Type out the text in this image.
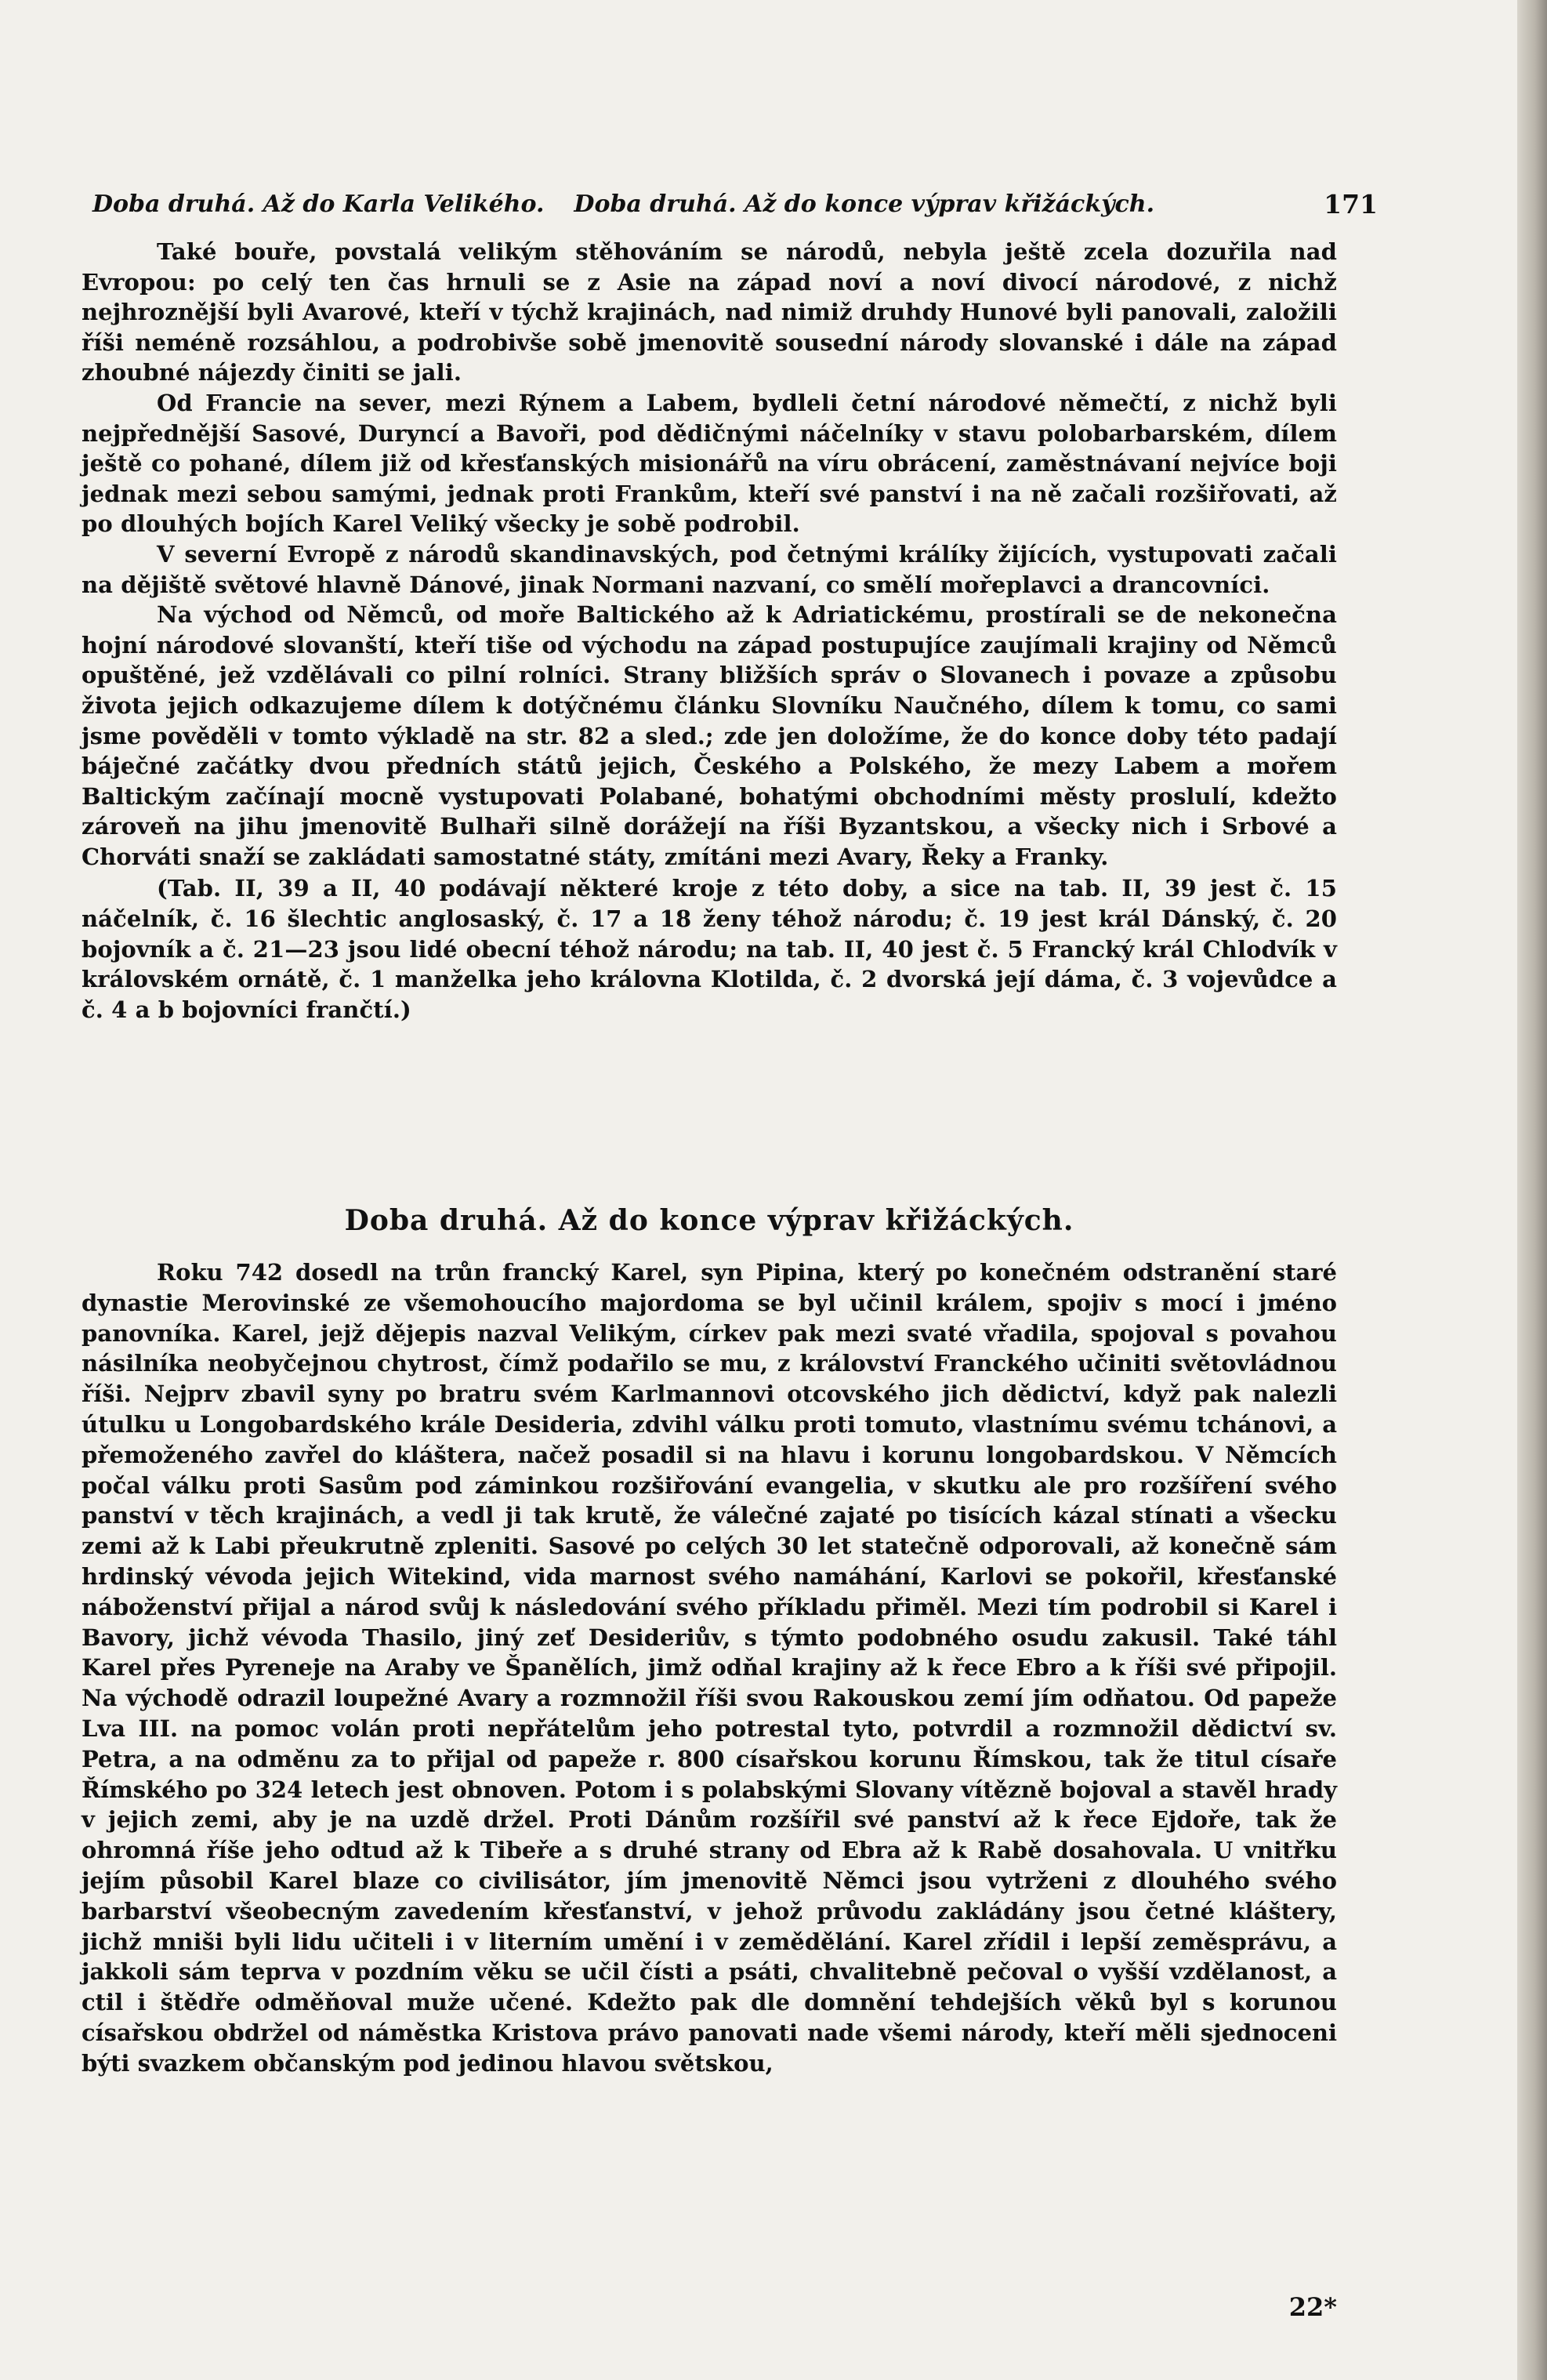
Doba druhá. Až do Karla Velikého. Doba druhá. Až do konce výprav křižáckých.	171

Také bouře, povstalá velikým stěhováním se národů, nebyla ještě zcela dozuřila nad Evropou: po celý ten čas hrnuli se z Asie na západ noví a noví divocí národové, z nichž nejhroznější byli Avarové, kteří v týchž krajinách, nad nimiž druhdy Hunové byli panovali, založili říši neméně rozsáhlou, a podrobivše sobě jmenovitě sousední národy slovanské i dále na západ zhoubné nájezdy činiti se jali.

Od Francie na sever, mezi Rýnem a Labem, bydleli četní národové němečtí, z nichž byli nejpřednější Sasové, Duryncí a Bavoři, pod dědičnými náčelníky v stavu polobarbarském, dílem ještě co pohané, dílem již od křesťanských misionářů na víru obrácení, zaměstnávaní nejvíce boji jednak mezi sebou samými, jednak proti Frankům, kteří své panství i na ně začali rozšiřovati, až po dlouhých bojích Karel Veliký všecky je sobě podrobil.

V severní Evropě z národů skandinavských, pod četnými králíky žijících, vystupovati začali na dějiště světové hlavně Dánové, jinak Normani nazvaní, co smělí mořeplavci a drancovníci.

Na východ od Němců, od moře Baltického až k Adriatickému, prostírali se de nekonečna hojní národové slovanští, kteří tiše od východu na západ postupujíce zaujímali krajiny od Němců opuštěné, jež vzdělávali co pilní rolníci. Strany bližších správ o Slovanech i povaze a způsobu života jejich odkazujeme dílem k dotýčnému článku Slovníku Naučného, dílem k tomu, co sami jsme pověděli v tomto výkladě na str. 82 a sled.; zde jen doložíme, že do konce doby této padají báječné začátky dvou předních států jejich, Českého a Polského, že mezy Labem a mořem Baltickým začínají mocně vystupovati Polabané, bohatými obchodními městy proslulí, kdežto zároveň na jihu jmenovitě Bulhaři silně dorážejí na říši Byzantskou, a všecky nich i Srbové a Chorváti snaží se zakládati samostatné státy, zmítáni mezi Avary, Řeky a Franky.

(Tab. II, 39 a II, 40 podávají některé kroje z této doby, a sice na tab. II, 39 jest č. 15 náčelník, č. 16 šlechtic anglosaský, č. 17 a 18 ženy téhož národu; č. 19 jest král Dánský, č. 20 bojovník a č. 21—23 jsou lidé obecní téhož národu; na tab. II, 40 jest č. 5 Francký král Chlodvík v královském ornátě, č. 1 manželka jeho královna Klotilda, č. 2 dvorská její dáma, č. 3 vojevůdce a č. 4 a b bojovníci frančtí.)

Doba druhá. Až do konce výprav křižáckých.

Roku 742 dosedl na trůn francký Karel, syn Pipina, který po konečném odstranění staré dynastie Merovinské ze všemohoucího majordoma se byl učinil králem, spojiv s mocí i jméno panovníka. Karel, jejž dějepis nazval Velikým, církev pak mezi svaté vřadila, spojoval s povahou násilníka neobyčejnou chytrost, čímž podařilo se mu, z království Franckého učiniti světovládnou říši. Nejprv zbavil syny po bratru svém Karlmannovi otcovského jich dědictví, když pak nalezli útulku u Longobardského krále Desideria, zdvihl válku proti tomuto, vlastnímu svému tchánovi, a přemoženého zavřel do kláštera, načež posadil si na hlavu i korunu longobardskou. V Němcích počal válku proti Sasům pod záminkou rozšiřování evangelia, v skutku ale pro rozšíření svého panství v těch krajinách, a vedl ji tak krutě, že válečné zajaté po tisících kázal stínati a všecku zemi až k Labi přeukrutně zpleniti. Sasové po celých 30 let statečně odporovali, až konečně sám hrdinský vévoda jejich Witekind, vida marnost svého namáhání, Karlovi se pokořil, křesťanské náboženství přijal a národ svůj k následování svého příkladu přiměl. Mezi tím podrobil si Karel i Bavory, jichž vévoda Thasilo, jiný zeť Desideriův, s týmto podobného osudu zakusil. Také táhl Karel přes Pyreneje na Araby ve Španělích, jimž odňal krajiny až k řece Ebro a k říši své připojil. Na východě odrazil loupežné Avary a rozmnožil říši svou Rakouskou zemí jím odňatou. Od papeže Lva III. na pomoc volán proti nepřátelům jeho potrestal tyto, potvrdil a rozmnožil dědictví sv. Petra, a na odměnu za to přijal od papeže r. 800 císařskou korunu Římskou, tak že titul císaře Římského po 324 letech jest obnoven. Potom i s polabskými Slovany vítězně bojoval a stavěl hrady v jejich zemi, aby je na uzdě držel. Proti Dánům rozšířil své panství až k řece Ejdoře, tak že ohromná říše jeho odtud až k Tibeře a s druhé strany od Ebra až k Rabě dosahovala. U vnitřku jejím působil Karel blaze co civilisátor, jím jmenovitě Němci jsou vytrženi z dlouhého svého barbarství všeobecným zavedením křesťanství, v jehož průvodu zakládány jsou četné kláštery, jichž mniši byli lidu učiteli i v literním umění i v zemědělání. Karel zřídil i lepší zeměsprávu, a jakkoli sám teprva v pozdním věku se učil čísti a psáti, chvalitebně pečoval o vyšší vzdělanost, a ctil i štědře odměňoval muže učené. Kdežto pak dle domnění tehdejších věků byl s korunou císařskou obdržel od náměstka Kristova právo panovati nade všemi národy, kteří měli sjednoceni býti svazkem občanským pod jedinou hlavou světskou,

22*
